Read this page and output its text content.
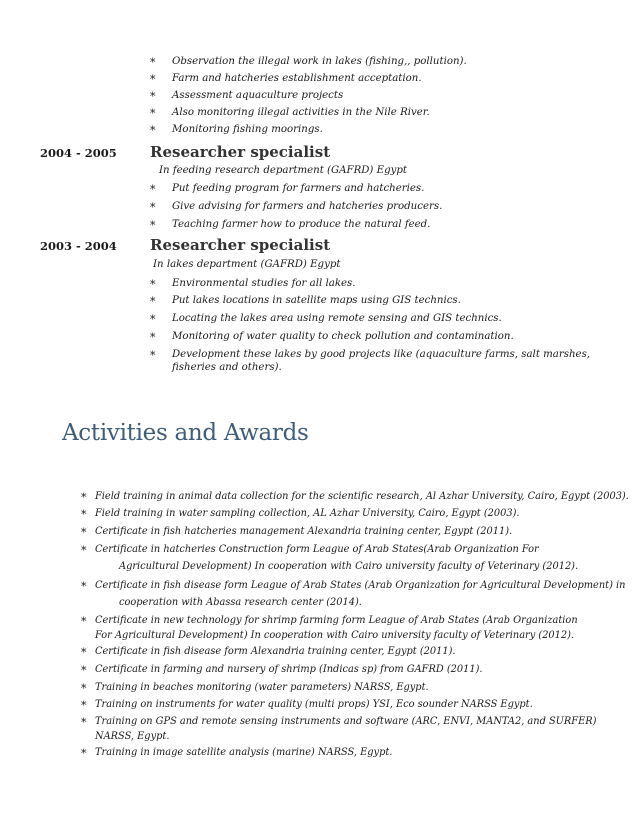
* Observation the illegal work in lakes (fishing,, pollution).
* Farm and hatcheries establishment acceptation.
* Assessment aquaculture projects
* Also monitoring illegal activities in the Nile River.
* Monitoring fishing moorings.
2004 - 2005 Researcher specialist
In feeding research department (GAFRD) Egypt
* Put feeding program for farmers and hatcheries.
* Give advising for farmers and hatcheries producers.
* Teaching farmer how to produce the natural feed.
2003 - 2004 Researcher specialist
In lakes department (GAFRD) Egypt
* Environmental studies for all lakes.
* Put lakes locations in satellite maps using GIS technics.
* Locating the lakes area using remote sensing and GIS technics.
* Monitoring of water quality to check pollution and contamination.
* Development these lakes by good projects like (aquaculture farms, salt marshes, fisheries and others).
Activities and Awards
* Field training in animal data collection for the scientific research, Al Azhar University, Cairo, Egypt (2003).
* Field training in water sampling collection, AL Azhar University, Cairo, Egypt (2003).
* Certificate in fish hatcheries management Alexandria training center, Egypt (2011).
* Certificate in hatcheries Construction form League of Arab States(Arab Organization For
Agricultural Development) In cooperation with Cairo university faculty of Veterinary (2012).
* Certificate in fish disease form League of Arab States (Arab Organization for Agricultural Development) in
cooperation with Abassa research center (2014).
* Certificate in new technology for shrimp farming form League of Arab States (Arab Organization For Agricultural Development) In cooperation with Cairo university faculty of Veterinary (2012).
* Certificate in fish disease form Alexandria training center, Egypt (2011).
* Certificate in farming and nursery of shrimp (Indicas sp) from GAFRD (2011).
* Training in beaches monitoring (water parameters) NARSS, Egypt.
* Training on instruments for water quality (multi props) YSI, Eco sounder NARSS Egypt.
* Training on GPS and remote sensing instruments and software (ARC, ENVI, MANTA2, and SURFER) NARSS, Egypt.
* Training in image satellite analysis (marine) NARSS, Egypt.
